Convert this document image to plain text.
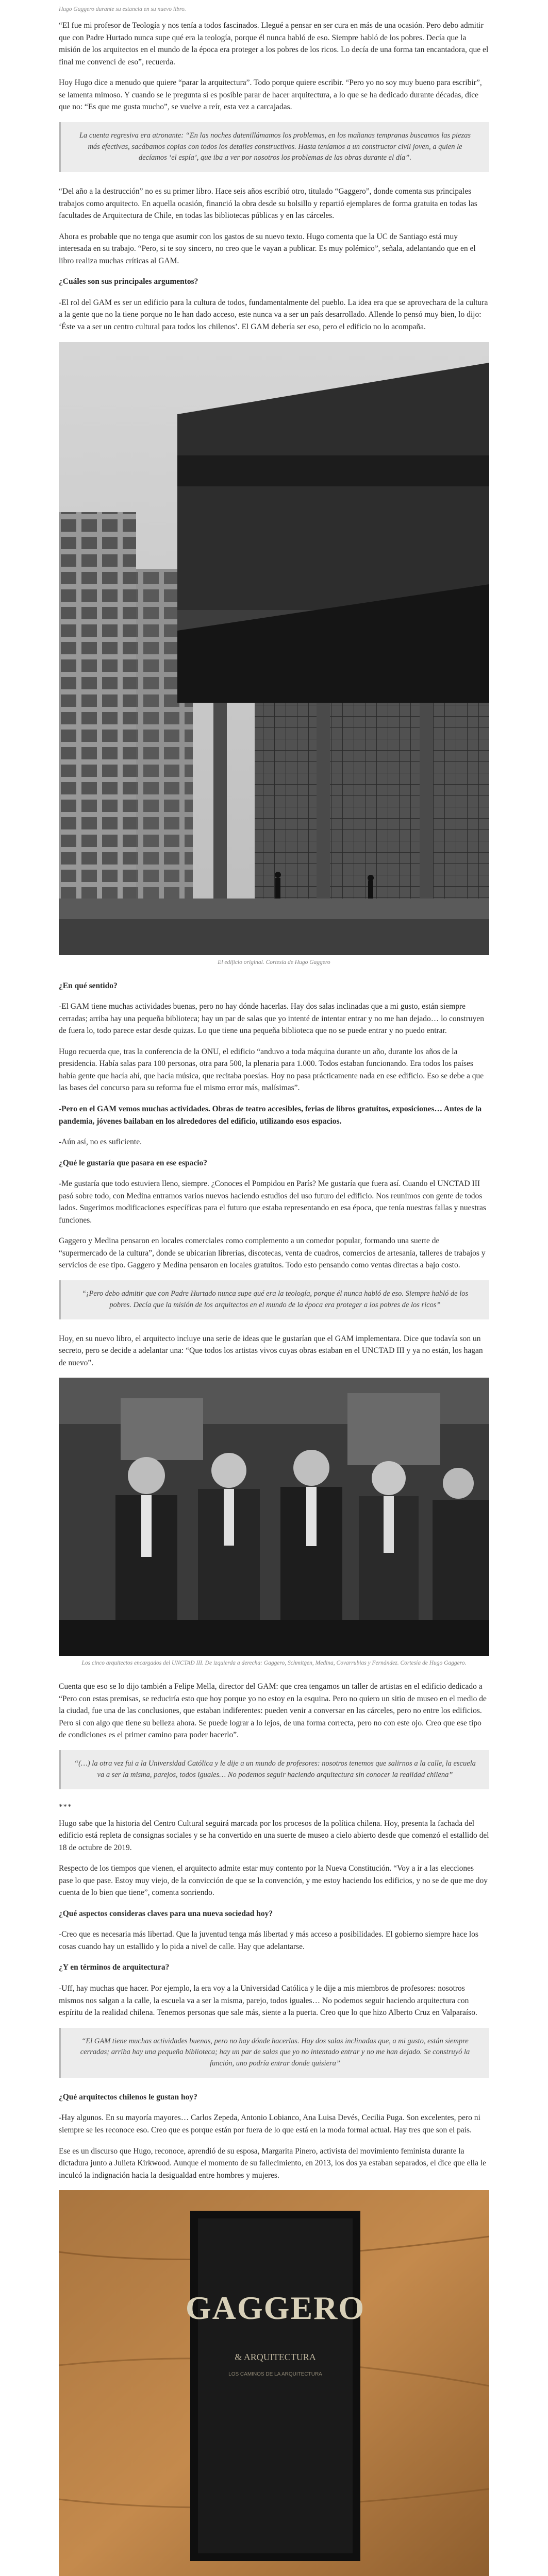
Hugo Gaggero durante su estancia en su nuevo libro.

“El fue mi profesor de Teología y nos tenía a todos fascinados. Llegué a pensar en ser cura en más de una ocasión. Pero debo admitir que con Padre Hurtado nunca supe qué era la teología, porque él nunca habló de eso. Siempre habló de los pobres. Decía que la misión de los arquitectos en el mundo de la época era proteger a los pobres de los ricos. Lo decía de una forma tan encantadora, que el final me convencí de eso”, recuerda.

Hoy Hugo dice a menudo que quiere “parar la arquitectura”. Todo porque quiere escribir. “Pero yo no soy muy bueno para escribir”, se lamenta mimoso. Y cuando se le pregunta si es posible parar de hacer arquitectura, a lo que se ha dedicado durante décadas, dice que no: “Es que me gusta mucho”, se vuelve a reír, esta vez a carcajadas.

La cuenta regresiva era atronante: “En las noches datenillámamos los problemas, en los mañanas tempranas buscamos las piezas más efectivas, sacábamos copias con todos los detalles constructivos. Hasta teníamos a un constructor civil joven, a quien le decíamos ‘el espía’, que iba a ver por nosotros los problemas de las obras durante el día”.

“Del año a la destrucción” no es su primer libro. Hace seis años escribió otro, titulado “Gaggero”, donde comenta sus principales trabajos como arquitecto. En aquella ocasión, financió la obra desde su bolsillo y repartió ejemplares de forma gratuita en todas las facultades de Arquitectura de Chile, en todas las bibliotecas públicas y en las cárceles.

Ahora es probable que no tenga que asumir con los gastos de su nuevo texto. Hugo comenta que la UC de Santiago está muy interesada en su trabajo. “Pero, si te soy sincero, no creo que le vayan a publicar. Es muy polémico”, señala, adelantando que en el libro realiza muchas críticas al GAM.

¿Cuáles son sus principales argumentos?

-El rol del GAM es ser un edificio para la cultura de todos, fundamentalmente del pueblo. La idea era que se aprovechara de la cultura a la gente que no la tiene porque no le han dado acceso, este nunca va a ser un país desarrollado. Allende lo pensó muy bien, lo dijo: ‘Éste va a ser un centro cultural para todos los chilenos’. El GAM debería ser eso, pero el edificio no lo acompaña.

El edificio original. Cortesía de Hugo Gaggero

¿En qué sentido?

-El GAM tiene muchas actividades buenas, pero no hay dónde hacerlas. Hay dos salas inclinadas que a mi gusto, están siempre cerradas; arriba hay una pequeña biblioteca; hay un par de salas que yo intenté de intentar entrar y no me han dejado… lo construyen de fuera lo, todo parece estar desde quizas. Lo que tiene una pequeña biblioteca que no se puede entrar y no puedo entrar.

Hugo recuerda que, tras la conferencia de la ONU, el edificio “anduvo a toda máquina durante un año, durante los años de la presidencia. Había salas para 100 personas, otra para 500, la plenaria para 1.000. Todos estaban funcionando. Era todos los países había gente que hacía ahí, que hacía música, que recitaba poesías. Hoy no pasa prácticamente nada en ese edificio. Eso se debe a que las bases del concurso para su reforma fue el mismo error más, malísimas”.

-Pero en el GAM vemos muchas actividades. Obras de teatro accesibles, ferias de libros gratuitos, exposiciones… Antes de la pandemia, jóvenes bailaban en los alrededores del edificio, utilizando esos espacios.

-Aún así, no es suficiente.

¿Qué le gustaría que pasara en ese espacio?

-Me gustaría que todo estuviera lleno, siempre. ¿Conoces el Pompidou en París? Me gustaría que fuera así. Cuando el UNCTAD III pasó sobre todo, con Medina entramos varios nuevos haciendo estudios del uso futuro del edificio. Nos reunimos con gente de todos lados. Sugerimos modificaciones específicas para el futuro que estaba representando en esa época, que tenía nuestras fallas y nuestras funciones.

Gaggero y Medina pensaron en locales comerciales como complemento a un comedor popular, formando una suerte de “supermercado de la cultura”, donde se ubicarían librerías, discotecas, venta de cuadros, comercios de artesanía, talleres de trabajos y servicios de ese tipo. Gaggero y Medina pensaron en locales gratuitos. Todo esto pensando como ventas directas a bajo costo.

“¡Pero debo admitir que con Padre Hurtado nunca supe qué era la teología, porque él nunca habló de eso. Siempre habló de los pobres. Decía que la misión de los arquitectos en el mundo de la época era proteger a los pobres de los ricos”

Hoy, en su nuevo libro, el arquitecto incluye una serie de ideas que le gustarían que el GAM implementara. Dice que todavía son un secreto, pero se decide a adelantar una: “Que todos los artistas vivos cuyas obras estaban en el UNCTAD III y ya no están, los hagan de nuevo”.

Los cinco arquitectos encargados del UNCTAD III. De izquierda a derecha: Gaggero, Schmitgen, Medina, Covarrubias y Fernández. Cortesía de Hugo Gaggero.

Cuenta que eso se lo dijo también a Felipe Mella, director del GAM: que crea tengamos un taller de artistas en el edificio dedicado a “Pero con estas premisas, se reduciría esto que hoy porque yo no estoy en la esquina. Pero no quiero un sitio de museo en el medio de la ciudad, fue una de las conclusiones, que estaban indiferentes: pueden venir a conversar en las cárceles, pero no entre los edificios. Pero sí con algo que tiene su belleza ahora. Se puede lograr a lo lejos, de una forma correcta, pero no con este ojo. Creo que ese tipo de condiciones es el primer camino para poder hacerlo”.

“(…) la otra vez fui a la Universidad Católica y le dije a un mundo de profesores: nosotros tenemos que salirnos a la calle, la escuela va a ser la misma, parejos, todos iguales… No podemos seguir haciendo arquitectura sin conocer la realidad chilena”
***

Hugo sabe que la historia del Centro Cultural seguirá marcada por los procesos de la política chilena. Hoy, presenta la fachada del edificio está repleta de consignas sociales y se ha convertido en una suerte de museo a cielo abierto desde que comenzó el estallido del 18 de octubre de 2019.

Respecto de los tiempos que vienen, el arquitecto admite estar muy contento por la Nueva Constitución. “Voy a ir a las elecciones pase lo que pase. Estoy muy viejo, de la convicción de que se la convención, y me estoy haciendo los edificios, y no se de que me doy cuenta de lo bien que tiene”, comenta sonriendo.

¿Qué aspectos consideras claves para una nueva sociedad hoy?

-Creo que es necesaria más libertad. Que la juventud tenga más libertad y más acceso a posibilidades. El gobierno siempre hace los cosas cuando hay un estallido y lo pida a nivel de calle. Hay que adelantarse.

¿Y en términos de arquitectura?

-Uff, hay muchas que hacer. Por ejemplo, la era voy a la Universidad Católica y le dije a mis miembros de profesores: nosotros mismos nos salgan a la calle, la escuela va a ser la misma, parejo, todos iguales… No podemos seguir haciendo arquitectura con espíritu de la realidad chilena. Tenemos personas que sale más, siente a la puerta. Creo que lo que hizo Alberto Cruz en Valparaíso.

“El GAM tiene muchas actividades buenas, pero no hay dónde hacerlas. Hay dos salas inclinadas que, a mi gusto, están siempre cerradas; arriba hay una pequeña biblioteca; hay un par de salas que yo no intentado entrar y no me han dejado. Se construyó la función, uno podría entrar donde quisiera”

¿Qué arquitectos chilenos le gustan hoy?

-Hay algunos. En su mayoría mayores… Carlos Zepeda, Antonio Lobianco, Ana Luisa Devés, Cecilia Puga. Son excelentes, pero ni siempre se les reconoce eso. Creo que es porque están por fuera de lo que está en la moda formal actual. Hay tres que son el país.

Ese es un discurso que Hugo, reconoce, aprendió de su esposa, Margarita Pinero, activista del movimiento feminista durante la dictadura junto a Julieta Kirkwood. Aunque el momento de su fallecimiento, en 2013, los dos ya estaban separados, el dice que ella le inculcó la indignación hacia la desigualdad entre hombres y mujeres.

GAGGERO
& ARQUITECTURA
LOS CAMINOS DE LA ARQUITECTURA
